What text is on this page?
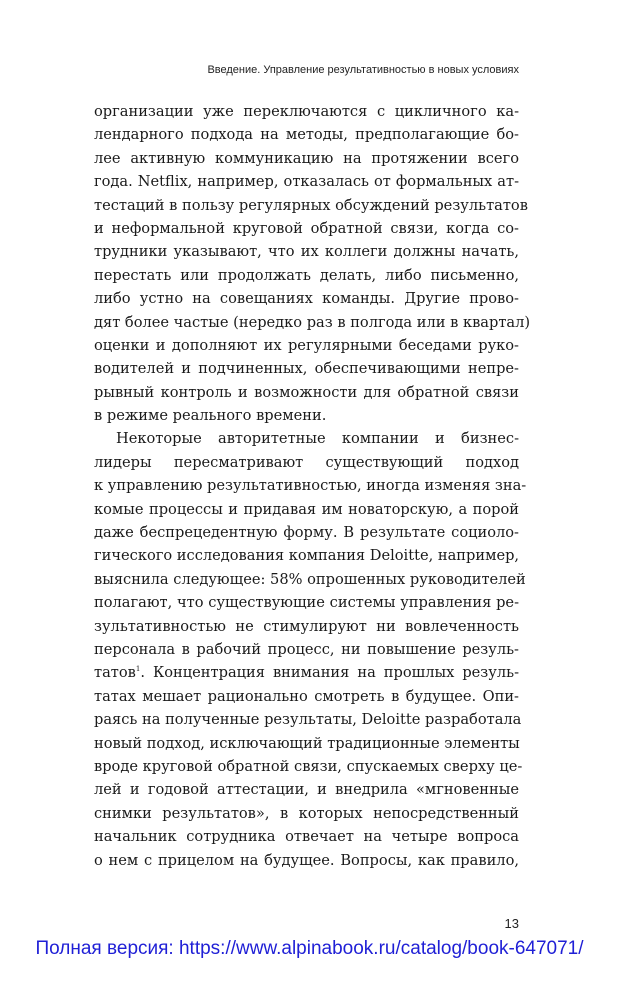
Введение. Управление результативностью в новых условиях
организации уже переключаются с цикличного ка-
лендарного подхода на методы, предполагающие бо-
лее активную коммуникацию на протяжении всего
года. Netflix, например, отказалась от формальных ат-
тестаций в пользу регулярных обсуждений результатов
и неформальной круговой обратной связи, когда со-
трудники указывают, что их коллеги должны начать,
перестать или продолжать делать, либо письменно,
либо устно на совещаниях команды. Другие прово-
дят более частые (нередко раз в полгода или в квартал)
оценки и дополняют их регулярными беседами руко-
водителей и подчиненных, обеспечивающими непре-
рывный контроль и возможности для обратной связи
в режиме реального времени.
Некоторые авторитетные компании и бизнес-
лидеры пересматривают существующий подход
к управлению результативностью, иногда изменяя зна-
комые процессы и придавая им новаторскую, а порой
даже беспрецедентную форму. В результате социоло-
гического исследования компания Deloitte, например,
выяснила следующее: 58% опрошенных руководителей
полагают, что существующие системы управления ре-
зультативностью не стимулируют ни вовлеченность
персонала в рабочий процесс, ни повышение резуль-
татов$^1$. Концентрация внимания на прошлых резуль-
татах мешает рационально смотреть в будущее. Опи-
раясь на полученные результаты, Deloitte разработала
новый подход, исключающий традиционные элементы
вроде круговой обратной связи, спускаемых сверху це-
лей и годовой аттестации, и внедрила «мгновенные
снимки результатов», в которых непосредственный
начальник сотрудника отвечает на четыре вопроса
о нем с прицелом на будущее. Вопросы, как правило,
13
Полная версия: https://www.alpinabook.ru/catalog/book-647071/
